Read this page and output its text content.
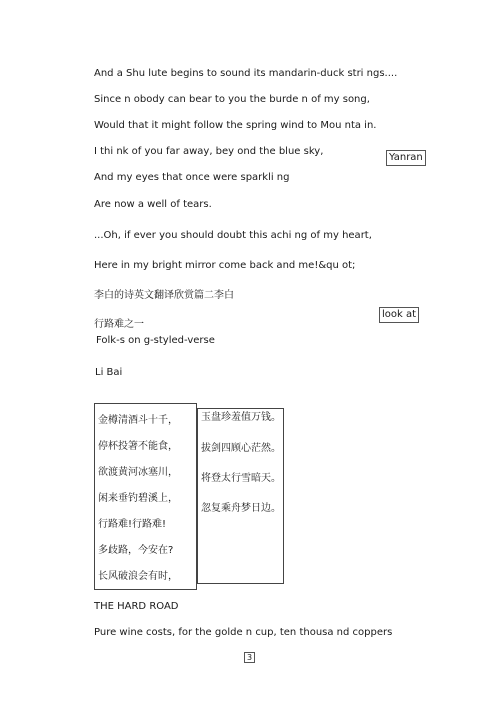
And a Shu lute begins to sound its mandarin-duck stri ngs....
Since n obody can bear to you the burde n of my song,
Would that it might follow the spring wind to Mou nta in.
I thi nk of you far away, bey ond the blue sky,
And my eyes that once were sparkli ng
Are now a well of tears.
...Oh, if ever you should doubt this achi ng of my heart,
Here in my bright mirror come back and me!&qu ot;
李白的诗英文翻译欣赏篇二李白
行路难之一
Folk-s on g-styled-verse
Li Bai
Yanran
look at
金樽清酒斗十千，
停杯投箸不能食，
欲渡黄河冰塞川，
闲来垂钓碧溪上，
行路难!行路难!
多歧路，今安在?
长风破浪会有时，
玉盘珍羞值万钱。
拔剑四顾心茫然。
将登太行雪暗天。
忽复乘舟梦日边。
THE HARD ROAD
Pure wine costs, for the golde n cup, ten thousa nd coppers
3
